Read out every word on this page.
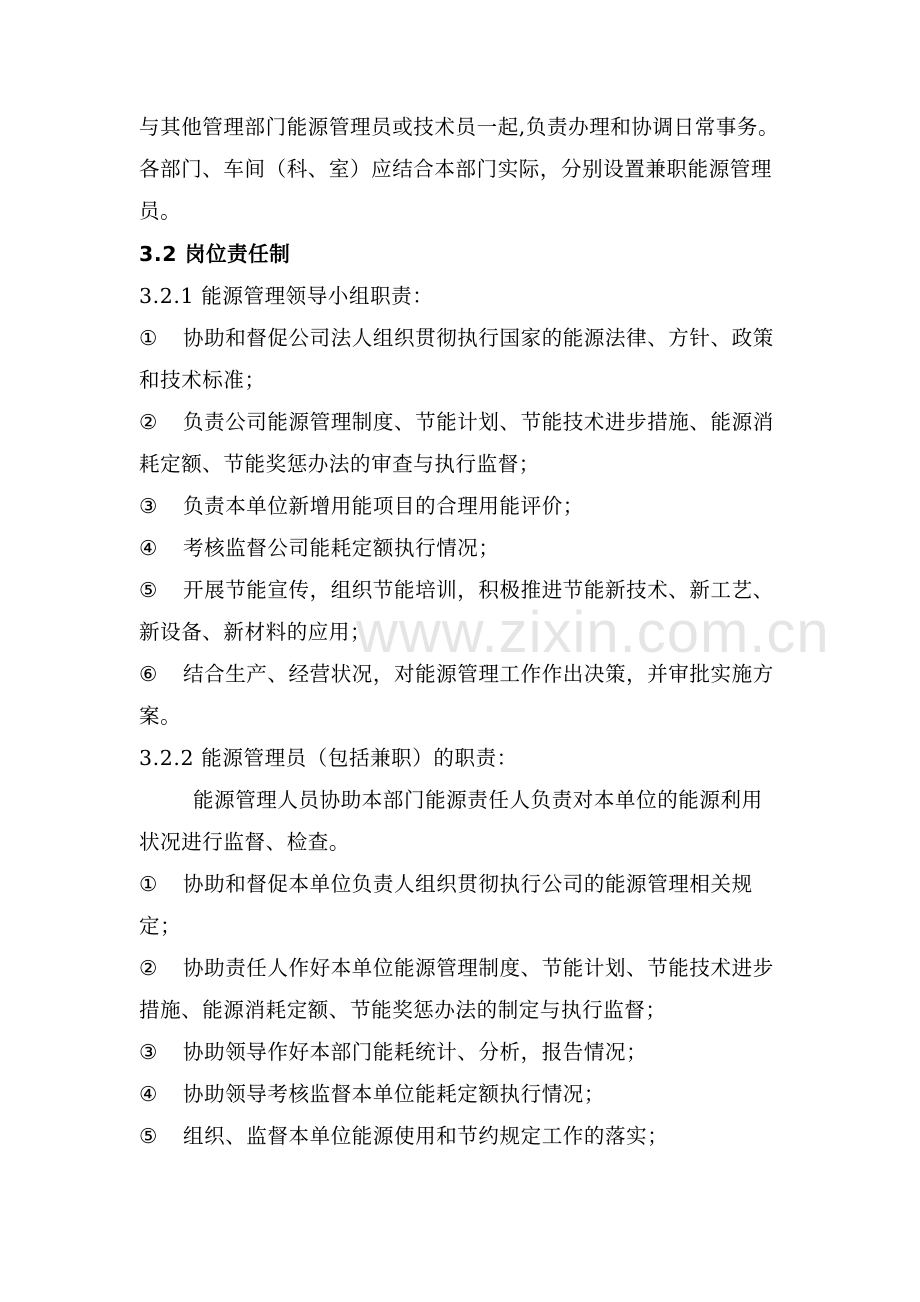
与其他管理部门能源管理员或技术员一起,负责办理和协调日常事务。
各部门、车间（科、室）应结合本部门实际，分别设置兼职能源管理
员。
3.2 岗位责任制
3.2.1 能源管理领导小组职责：
① 协助和督促公司法人组织贯彻执行国家的能源法律、方针、政策
和技术标准；
② 负责公司能源管理制度、节能计划、节能技术进步措施、能源消
耗定额、节能奖惩办法的审查与执行监督；
③ 负责本单位新增用能项目的合理用能评价；
④ 考核监督公司能耗定额执行情况；
⑤ 开展节能宣传，组织节能培训，积极推进节能新技术、新工艺、
新设备、新材料的应用；
⑥ 结合生产、经营状况，对能源管理工作作出决策，并审批实施方
案。
3.2.2 能源管理员（包括兼职）的职责：
能源管理人员协助本部门能源责任人负责对本单位的能源利用
状况进行监督、检查。
① 协助和督促本单位负责人组织贯彻执行公司的能源管理相关规
定；
② 协助责任人作好本单位能源管理制度、节能计划、节能技术进步
措施、能源消耗定额、节能奖惩办法的制定与执行监督；
③ 协助领导作好本部门能耗统计、分析，报告情况；
④ 协助领导考核监督本单位能耗定额执行情况；
⑤ 组织、监督本单位能源使用和节约规定工作的落实；
www.zixin.com.cn
